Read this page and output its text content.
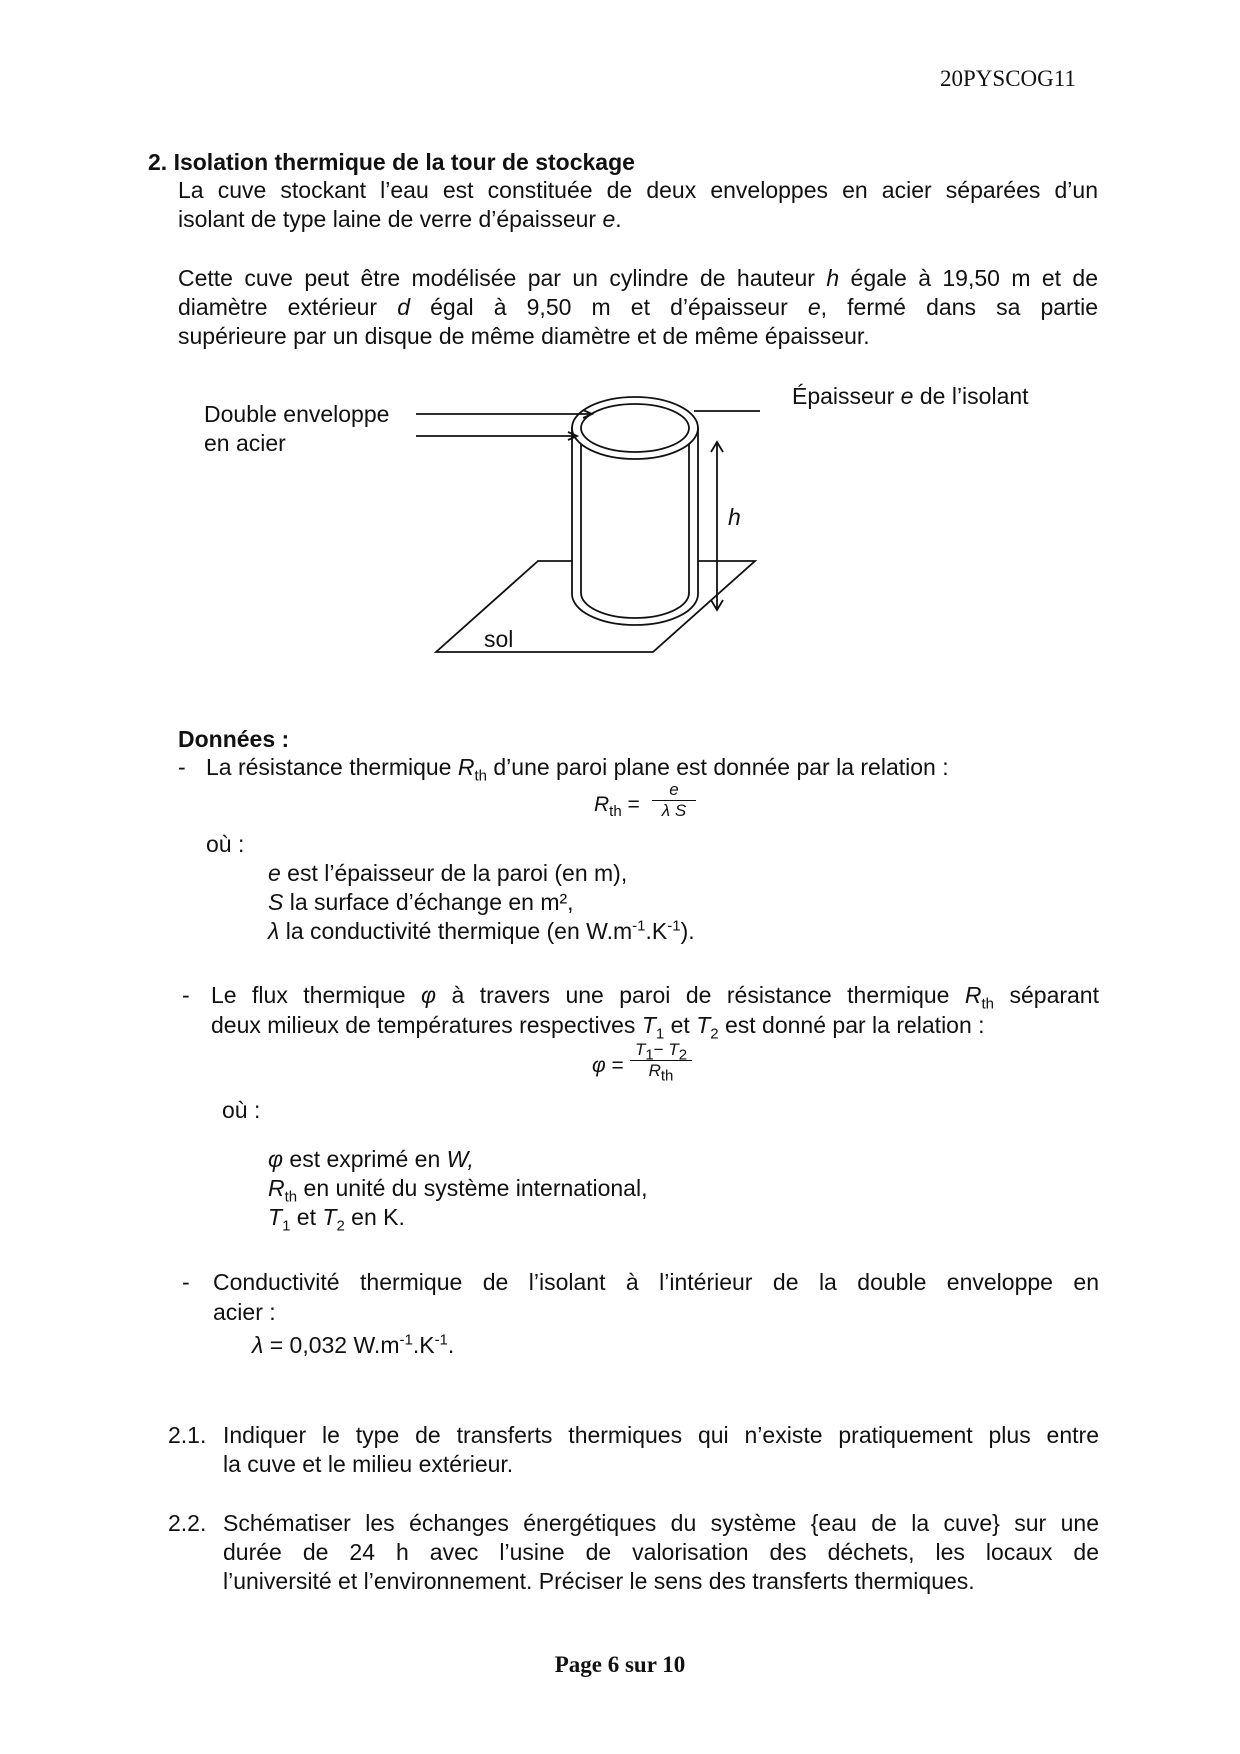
20PYSCOG11
2. Isolation thermique de la tour de stockage
La cuve stockant l’eau est constituée de deux enveloppes en acier séparées d’un
isolant de type laine de verre d’épaisseur e.
Cette cuve peut être modélisée par un cylindre de hauteur h égale à 19,50 m et de
diamètre extérieur d égal à 9,50 m et d’épaisseur e, fermé dans sa partie
supérieure par un disque de même diamètre et de même épaisseur.
Double enveloppe
en acier
Épaisseur e de l’isolant
h
sol
Données :
- La résistance thermique $R_{th}$ d’une paroi plane est donnée par la relation :
$R_{th} = \frac{e}{\text{λ S}}$
où :
e est l’épaisseur de la paroi (en m),
S la surface d’échange en m²,
λ la conductivité thermique (en $W.m^{-1}.K^{-1}$).
- Le flux thermique φ à travers une paroi de résistance thermique $R_{th}$ séparant
deux milieux de températures respectives $T_1$ et $T_2$ est donné par la relation :
φ =
$T_1- T_2$
$R_{th}$
où :
φ est exprimé en W,
$R_{th}$ en unité du système international,
$T_1$ et $T_2$ en K.
- Conductivité thermique de l’isolant à l’intérieur de la double enveloppe en
acier :
λ = 0,032 $W.m^{-1}.K^{-1}$.
2.1. Indiquer le type de transferts thermiques qui n’existe pratiquement plus entre
la cuve et le milieu extérieur.
2.2. Schématiser les échanges énergétiques du système {eau de la cuve} sur une
durée de 24 h avec l’usine de valorisation des déchets, les locaux de
l’université et l’environnement. Préciser le sens des transferts thermiques.
Page 6 sur 10
